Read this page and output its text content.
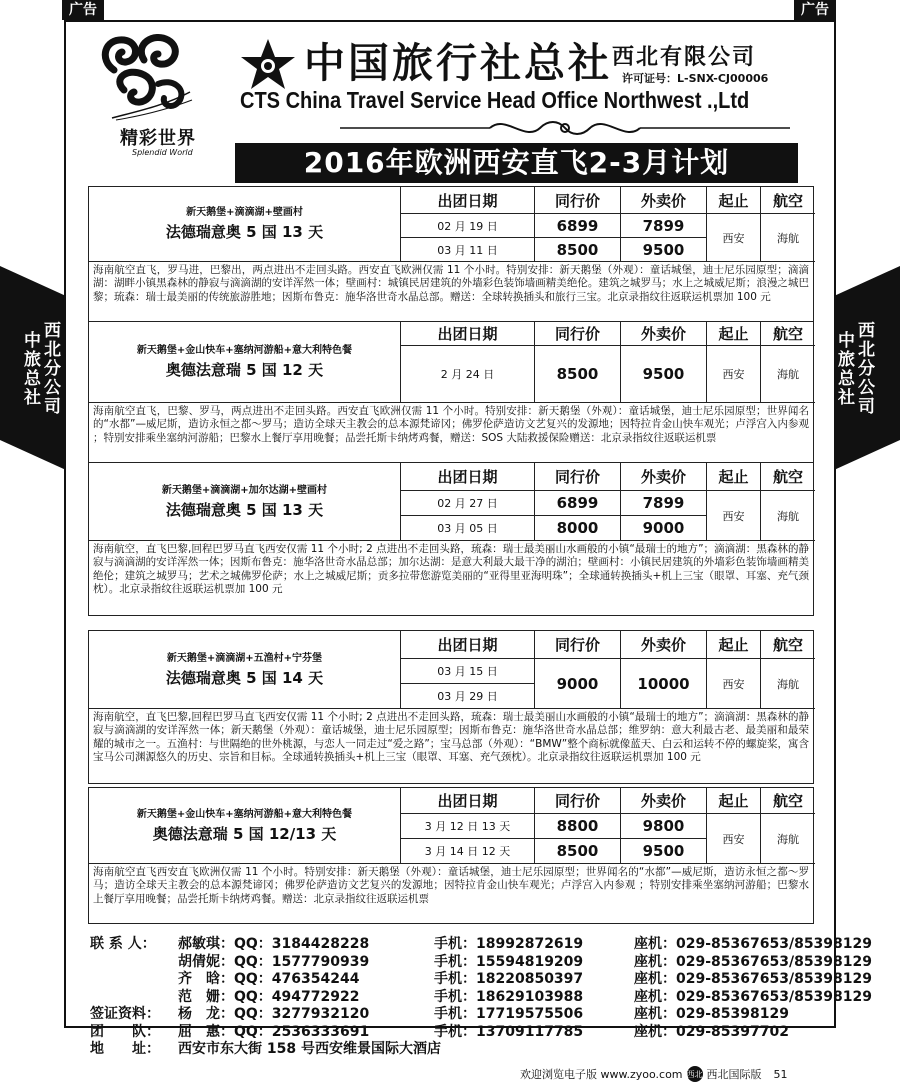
广告	广告
精彩世界
Splendid World
中国旅行社总社 西北有限公司
许可证号：L-SNX-CJ00006
CTS China Travel Service Head Office Northwest .,Ltd
2016年欧洲西安直飞2-3月计划
中
旅
总
社
西
北
分
公
司
中
旅
总
社
西
北
分
公
司
新天鹅堡+滴滴湖+壁画村
法德瑞意奥 5 国 13 天
出团日期	同行价	外卖价	起止	航空
02 月 19 日	6899	7899
03 月 11 日	8500	9500
西安	海航
海南航空直飞，罗马进，巴黎出，两点进出不走回头路。西安直飞欧洲仅需 11 个小时。特别安排：新天鹅堡（外观）：童话城堡，迪士尼乐园原型；滴滴湖：湖畔小镇黑森林的静寂与滴滴湖的安详浑然一体；壁画村：城镇民居建筑的外墙彩色装饰墙画精美绝伦。建筑之城罗马；水上之城威尼斯；浪漫之城巴黎；琉森：瑞士最美丽的传统旅游胜地；因斯布鲁克：施华洛世奇水晶总部。赠送：全球转换插头和旅行三宝。北京录指纹往返联运机票加 100 元
新天鹅堡+金山快车+塞纳河游船+意大利特色餐
奥德法意瑞 5 国 12 天
出团日期	同行价	外卖价	起止	航空
2 月 24 日	8500	9500	西安	海航
海南航空直飞，巴黎、罗马，两点进出不走回头路。西安直飞欧洲仅需 11 个小时。特别安排：新天鹅堡（外观）：童话城堡，迪士尼乐园原型；世界闻名的“水都”—威尼斯，造访永恒之都～罗马；造访全球天主教会的总本源梵谛冈；佛罗伦萨造访文艺复兴的发源地；因特拉肯金山快车观光；卢浮宫入内参观 ；特别安排乘坐塞纳河游船；巴黎水上餐厅享用晚餐；品尝托斯卡纳烤鸡餐，赠送：SOS 大陆救援保险赠送：北京录指纹往返联运机票
新天鹅堡+滴滴湖+加尔达湖+壁画村
法德瑞意奥 5 国 13 天
出团日期	同行价	外卖价	起止	航空
02 月 27 日	6899	7899
03 月 05 日	8000	9000
西安	海航
海南航空，直飞巴黎,回程巴罗马直飞西安仅需 11 个小时; 2 点进出不走回头路，琉森：瑞士最美丽山水画般的小镇“最瑞士的地方”；滴滴湖：黑森林的静寂与滴滴湖的安详浑然一体；因斯布鲁克：施华洛世奇水晶总部；加尔达湖：是意大利最大最干净的湖泊；壁画村：小镇民居建筑的外墙彩色装饰墙画精美绝伦；建筑之城罗马；艺术之城佛罗伦萨；水上之城威尼斯；贡多拉带您游览美丽的“亚得里亚海明珠”；全球通转换插头+机上三宝（眼罩、耳塞、充气颈枕）。北京录指纹往返联运机票加 100 元
新天鹅堡+滴滴湖+五渔村+宁芬堡
法德瑞意奥 5 国 14 天
出团日期	同行价	外卖价	起止	航空
03 月 15 日
03 月 29 日
9000	10000	西安	海航
海南航空，直飞巴黎,回程巴罗马直飞西安仅需 11 个小时; 2 点进出不走回头路，琉森：瑞士最美丽山水画般的小镇“最瑞士的地方”；滴滴湖：黑森林的静寂与滴滴湖的安详浑然一体；新天鹅堡（外观）：童话城堡，迪士尼乐园原型；因斯布鲁克：施华洛世奇水晶总部；维罗纳：意大利最古老、最美丽和最荣耀的城市之一。五渔村：与世隔绝的世外桃源，与恋人一同走过“爱之路”；宝马总部（外观）：“BMW”整个商标就像蓝天、白云和运转不停的螺旋桨，寓含宝马公司渊源悠久的历史、宗旨和目标。全球通转换插头+机上三宝（眼罩、耳塞、充气颈枕）。北京录指纹往返联运机票加 100 元
新天鹅堡+金山快车+塞纳河游船+意大利特色餐
奥德法意瑞 5 国 12/13 天
出团日期	同行价	外卖价	起止	航空
3 月 12 日 13 天	8800	9800
3 月 14 日 12 天	8500	9500
西安	海航
海南航空直飞西安直飞欧洲仅需 11 个小时。特别安排：新天鹅堡（外观）：童话城堡，迪士尼乐园原型；世界闻名的“水都”—威尼斯，造访永恒之都～罗马；造访全球天主教会的总本源梵谛冈；佛罗伦萨造访文艺复兴的发源地；因特拉肯金山快车观光；卢浮宫入内参观 ；特别安排乘坐塞纳河游船；巴黎水上餐厅享用晚餐；品尝托斯卡纳烤鸡餐。赠送：北京录指纹往返联运机票
联 系 人：	郝敏琪： QQ：3184428228	手机：18992872619	座机：029-85367653/85398129
胡倩妮： QQ：1577790939	手机：15594819209	座机：029-85367653/85398129
齐　晗： QQ：476354244	手机：18220850397	座机：029-85367653/85398129
范　姗： QQ：494772922	手机：18629103988	座机：029-85367653/85398129
签证资料：	杨　龙： QQ：3277932120	手机：17719575506	座机：029-85398129
团　　队：	屈　惠： QQ：2536333691	手机：13709117785	座机：029-85397702
地　　址：	西安市东大街 158 号西安维景国际大酒店
欢迎浏览电子版 www.zyoo.com 西北 西北国际版 51
